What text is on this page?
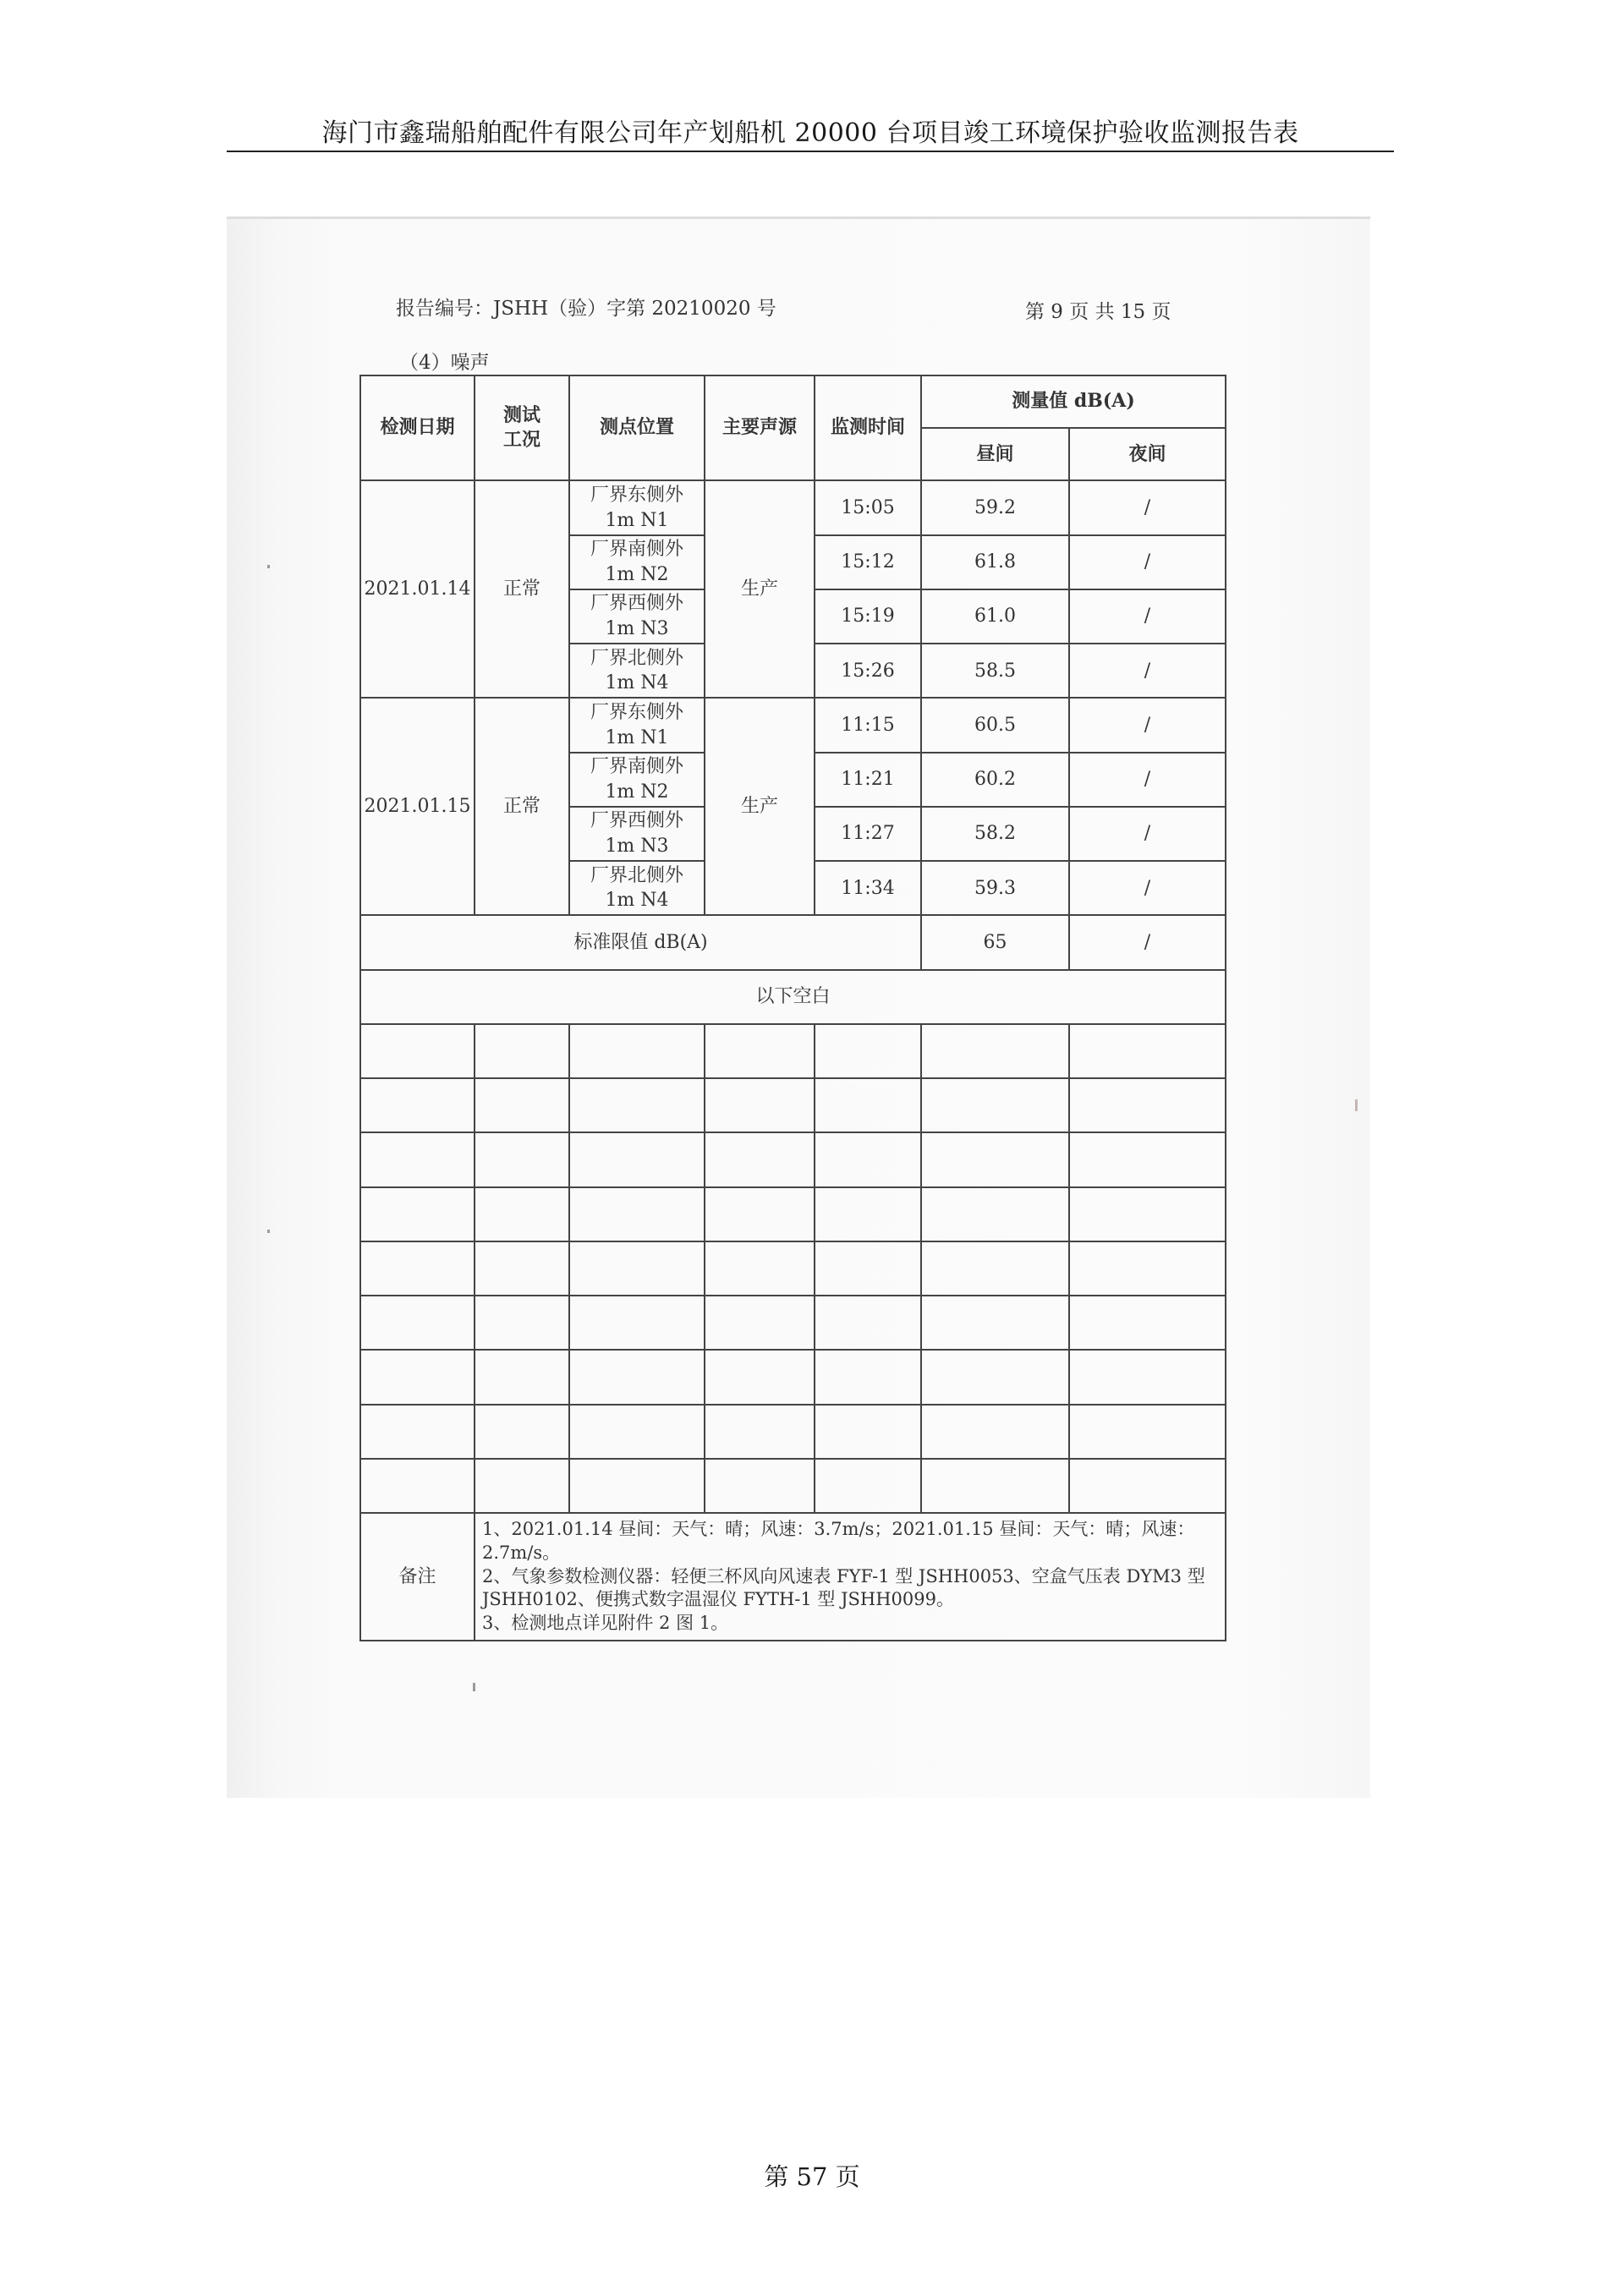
海门市鑫瑞船舶配件有限公司年产划船机 20000 台项目竣工环境保护验收监测报告表
报告编号：JSHH（验）字第 20210020 号	第 9 页 共 15 页
（4）噪声
检测日期	测试工况	测点位置	主要声源	监测时间	测量值 dB(A)	
					昼间	夜间
2021.01.14	正常	厂界东侧外
1m N1	生产	15:05	59.2	/

		厂界南侧外
1m N2		15:12	61.8	/

		厂界西侧外
1m N3		15:19	61.0	/

		厂界北侧外
1m N4		15:26	58.5	/
2021.01.15	正常	厂界东侧外
1m N1	生产	11:15	60.5	/

		厂界南侧外
1m N2		11:21	60.2	/

		厂界西侧外
1m N3		11:27	58.2	/

		厂界北侧外
1m N4		11:34	59.3	/
标准限值 dB(A)					65	/
以下空白						

备注	1、2021.01.14 昼间：天气：晴；风速：3.7m/s；2021.01.15 昼间：天气：晴；风速：2.7m/s。
2、气象参数检测仪器：轻便三杯风向风速表 FYF-1 型 JSHH0053、空盒气压表 DYM3 型 JSHH0102、便携式数字温湿仪 FYTH-1 型 JSHH0099。
3、检测地点详见附件 2 图 1。					
第 57 页
